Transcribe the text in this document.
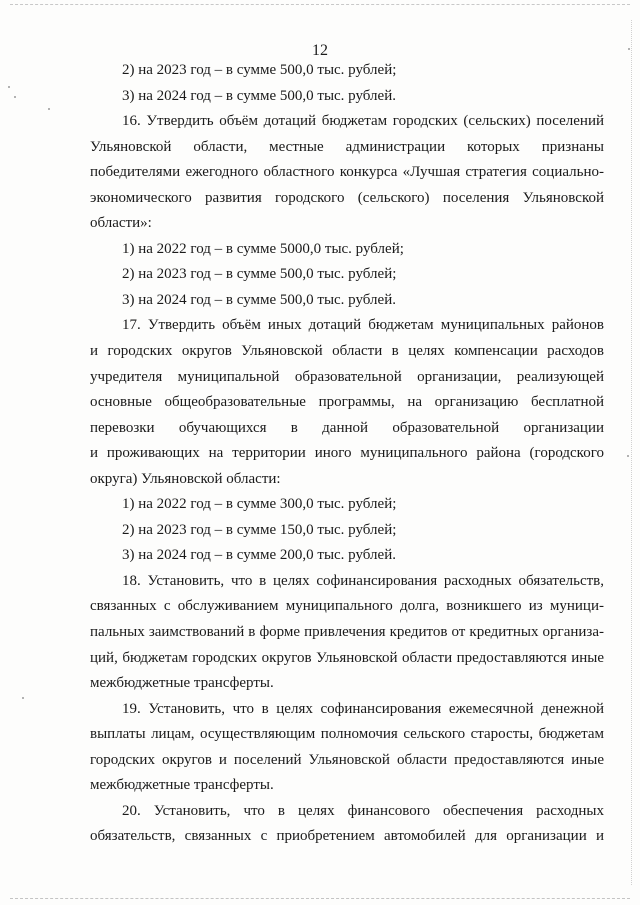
12
2) на 2023 год – в сумме 500,0 тыс. рублей;
3) на 2024 год – в сумме 500,0 тыс. рублей.
16. Утвердить объём дотаций бюджетам городских (сельских) поселений
Ульяновской области, местные администрации которых признаны
победителями ежегодного областного конкурса «Лучшая стратегия социально-
экономического развития городского (сельского) поселения Ульяновской
области»:
1) на 2022 год – в сумме 5000,0 тыс. рублей;
2) на 2023 год – в сумме 500,0 тыс. рублей;
3) на 2024 год – в сумме 500,0 тыс. рублей.
17. Утвердить объём иных дотаций бюджетам муниципальных районов
и городских округов Ульяновской области в целях компенсации расходов
учредителя муниципальной образовательной организации, реализующей
основные общеобразовательные программы, на организацию бесплатной
перевозки обучающихся в данной образовательной организации
и проживающих на территории иного муниципального района (городского
округа) Ульяновской области:
1) на 2022 год – в сумме 300,0 тыс. рублей;
2) на 2023 год – в сумме 150,0 тыс. рублей;
3) на 2024 год – в сумме 200,0 тыс. рублей.
18. Установить, что в целях софинансирования расходных обязательств,
связанных с обслуживанием муниципального долга, возникшего из муници-
пальных заимствований в форме привлечения кредитов от кредитных организа-
ций, бюджетам городских округов Ульяновской области предоставляются иные
межбюджетные трансферты.
19. Установить, что в целях софинансирования ежемесячной денежной
выплаты лицам, осуществляющим полномочия сельского старосты, бюджетам
городских округов и поселений Ульяновской области предоставляются иные
межбюджетные трансферты.
20. Установить, что в целях финансового обеспечения расходных
обязательств, связанных с приобретением автомобилей для организации и
